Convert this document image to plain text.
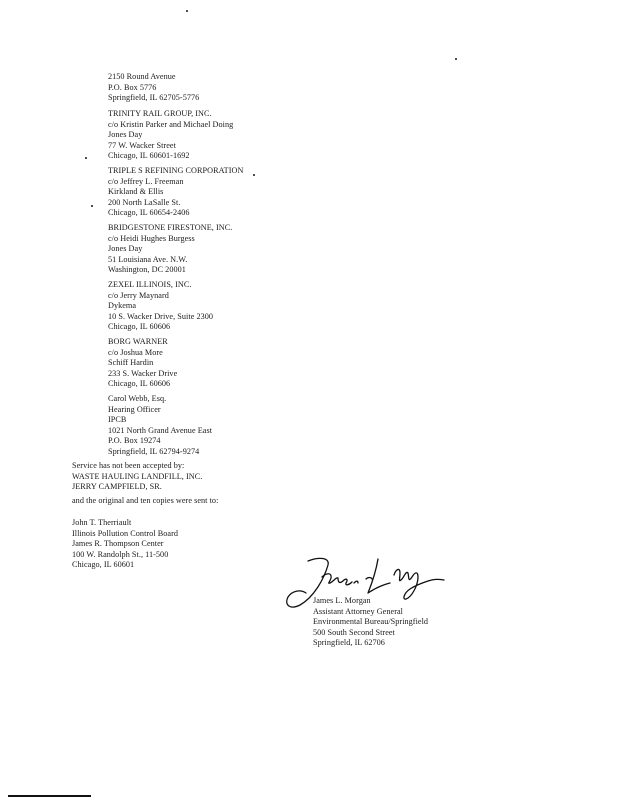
2150 Round Avenue
P.O. Box 5776
Springfield, IL 62705-5776
TRINITY RAIL GROUP, INC.
c/o Kristin Parker and Michael Doing
Jones Day
77 W. Wacker Street
Chicago, IL 60601-1692
TRIPLE S REFINING CORPORATION
c/o Jeffrey L. Freeman
Kirkland & Ellis
200 North LaSalle St.
Chicago, IL 60654-2406
BRIDGESTONE FIRESTONE, INC.
c/o Heidi Hughes Burgess
Jones Day
51 Louisiana Ave. N.W.
Washington, DC 20001
ZEXEL ILLINOIS, INC.
c/o Jerry Maynard
Dykema
10 S. Wacker Drive, Suite 2300
Chicago, IL 60606
BORG WARNER
c/o Joshua More
Schiff Hardin
233 S. Wacker Drive
Chicago, IL 60606
Carol Webb, Esq.
Hearing Officer
IPCB
1021 North Grand Avenue East
P.O. Box 19274
Springfield, IL 62794-9274
Service has not been accepted by:
WASTE HAULING LANDFILL, INC.
JERRY CAMPFIELD, SR.
and the original and ten copies were sent to:
John T. Therriault
Illinois Pollution Control Board
James R. Thompson Center
100 W. Randolph St., 11-500
Chicago, IL 60601
James L. Morgan
Assistant Attorney General
Environmental Bureau/Springfield
500 South Second Street
Springfield, IL 62706
